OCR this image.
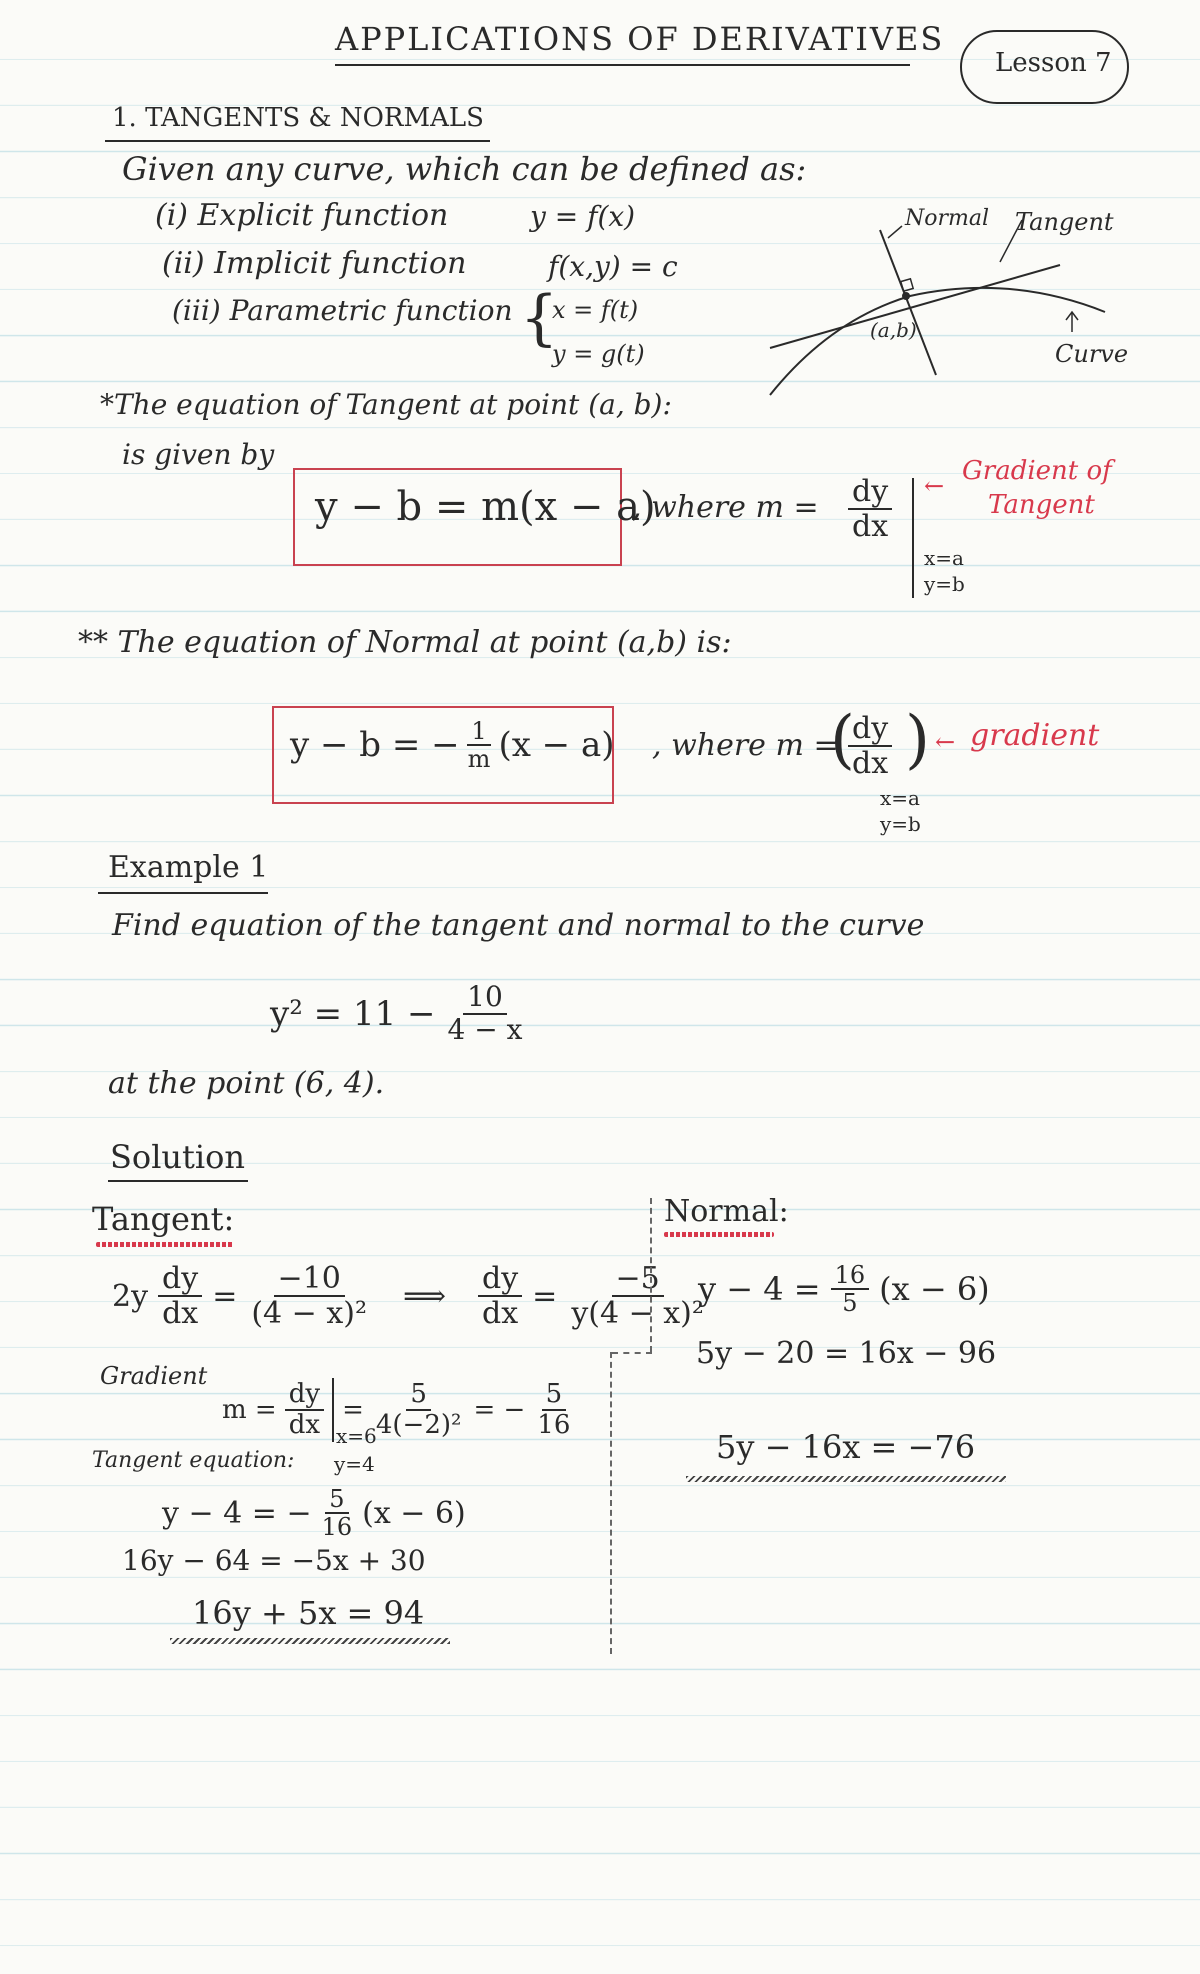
APPLICATIONS OF DERIVATIVES
Lesson 7
1. TANGENTS & NORMALS
Given any curve, which can be defined as:
(i) Explicit function	y = f(x)
(ii) Implicit function	f(x,y) = c
(iii) Parametric function {
x = f(t)
y = g(t)
Normal Tangent
(a,b)
Curve
*The equation of Tangent at point (a, b):
is given by
y − b = m(x − a)
, where $m = \frac{dy}{dx}$
x=a
y=b
← Gradient of
Tangent
** The equation of Normal at point (a,b) is:
y − b = − $\frac{1}{m} (x - a)$ , where m =
(
$\frac{dy}{dx}$ )
x=a
y=b
← gradient
Example 1
Find equation of the tangent and normal to the curve
$y^2 = 11 - \frac{10}{4 - x}$
at the point (6, 4).
Solution
Tangent:
$2y \frac{dy}{dx} = \frac{-10}{\text{(4 − x)²}}$ ⟹ $\frac{dy}{dx} = \frac{-5}{\text{y(4 − x)²}}$
Gradient
$m = \frac{dy}{dx} = \frac{5}{\text{4(−2)²}}$ = − $\frac{5}{16}$
x=6
y=4
Tangent equation:
y − 4 = − $\frac{5}{16} (x - 6)$
16y − 64 = −5x + 30
16y + 5x = 94
Normal:
$y - 4 = \frac{16}{5} (x - 6)$
5y − 20 = 16x − 96
5y − 16x = −76
